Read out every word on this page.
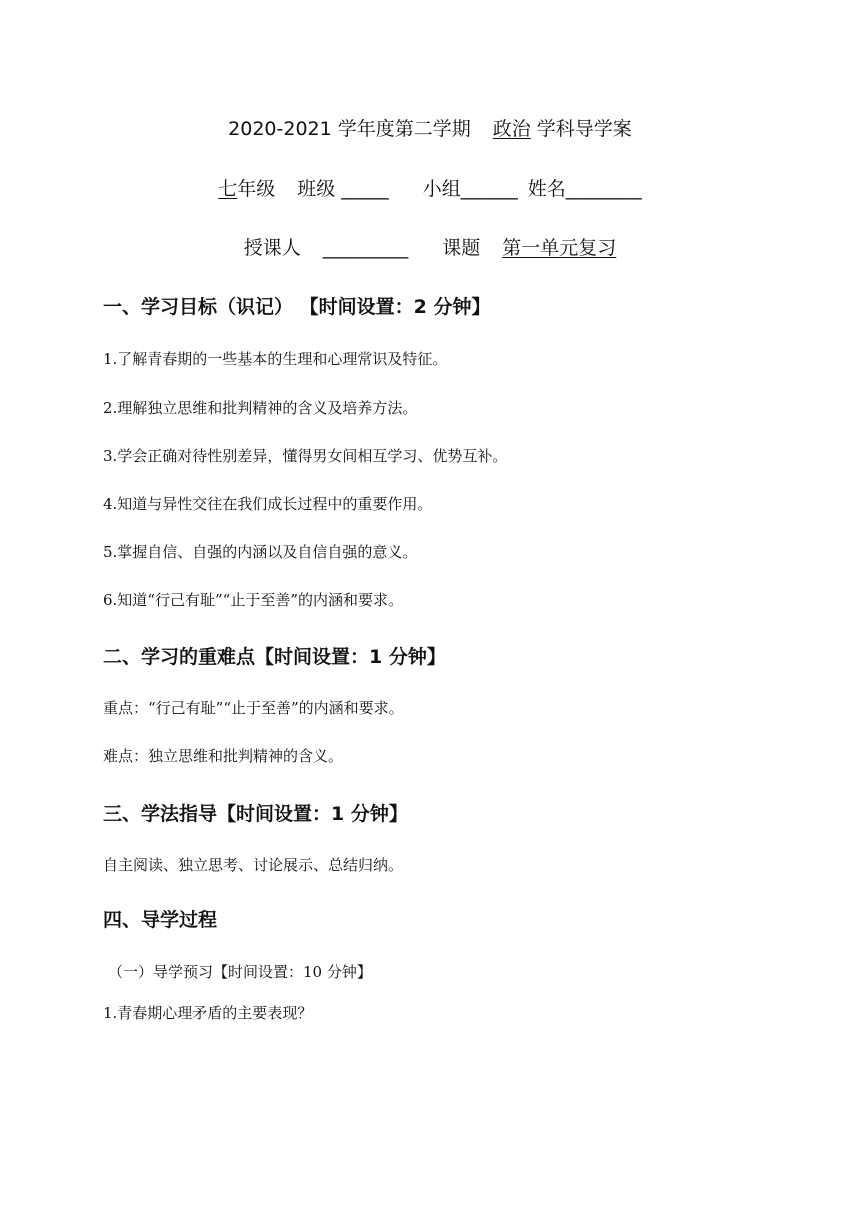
2020-2021 学年度第二学期 政治 学科导学案
七年级 班级 _____ 小组______ 姓名________
授课人 _________ 课题 第一单元复习
一、学习目标（识记） 【时间设置：2 分钟】
1.了解青春期的一些基本的生理和心理常识及特征。
2.理解独立思维和批判精神的含义及培养方法。
3.学会正确对待性别差异，懂得男女间相互学习、优势互补。
4.知道与异性交往在我们成长过程中的重要作用。
5.掌握自信、自强的内涵以及自信自强的意义。
6.知道“行己有耻”“止于至善”的内涵和要求。
二、学习的重难点【时间设置：1 分钟】
重点：“行己有耻”“止于至善”的内涵和要求。
难点：独立思维和批判精神的含义。
三、学法指导【时间设置：1 分钟】
自主阅读、独立思考、讨论展示、总结归纳。
四、导学过程
（一）导学预习【时间设置：10 分钟】
1.青春期心理矛盾的主要表现？
